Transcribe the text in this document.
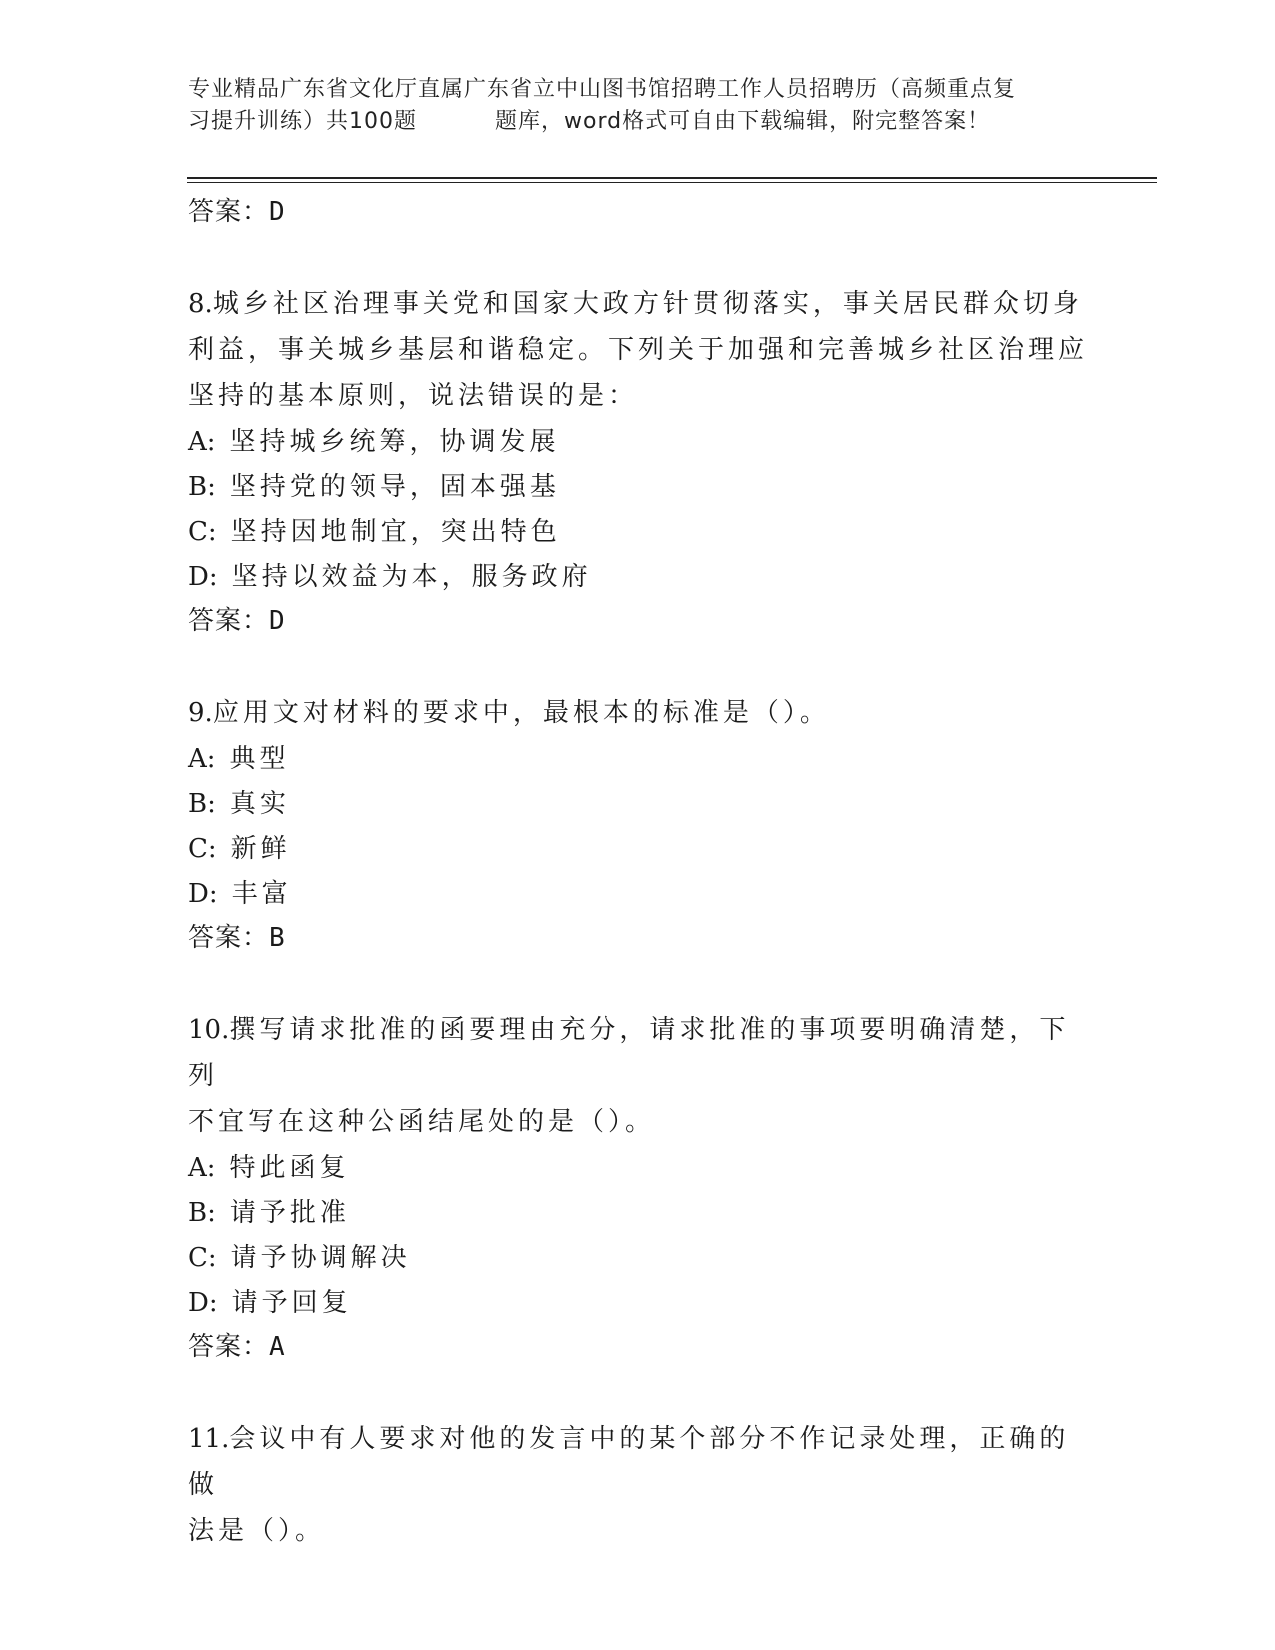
专业精品广东省文化厅直属广东省立中山图书馆招聘工作人员招聘历（高频重点复
习提升训练）共100题	题库，word格式可自由下载编辑，附完整答案！
答案：D
8.城乡社区治理事关党和国家大政方针贯彻落实，事关居民群众切身
利益，事关城乡基层和谐稳定。下列关于加强和完善城乡社区治理应
坚持的基本原则，说法错误的是：
A: 坚持城乡统筹，协调发展
B: 坚持党的领导，固本强基
C: 坚持因地制宜，突出特色
D: 坚持以效益为本，服务政府
答案：D
9.应用文对材料的要求中，最根本的标准是（）。
A: 典型
B: 真实
C: 新鲜
D: 丰富
答案：B
10.撰写请求批准的函要理由充分，请求批准的事项要明确清楚，下列
不宜写在这种公函结尾处的是（）。
A: 特此函复
B: 请予批准
C: 请予协调解决
D: 请予回复
答案：A
11.会议中有人要求对他的发言中的某个部分不作记录处理，正确的做
法是（）。
